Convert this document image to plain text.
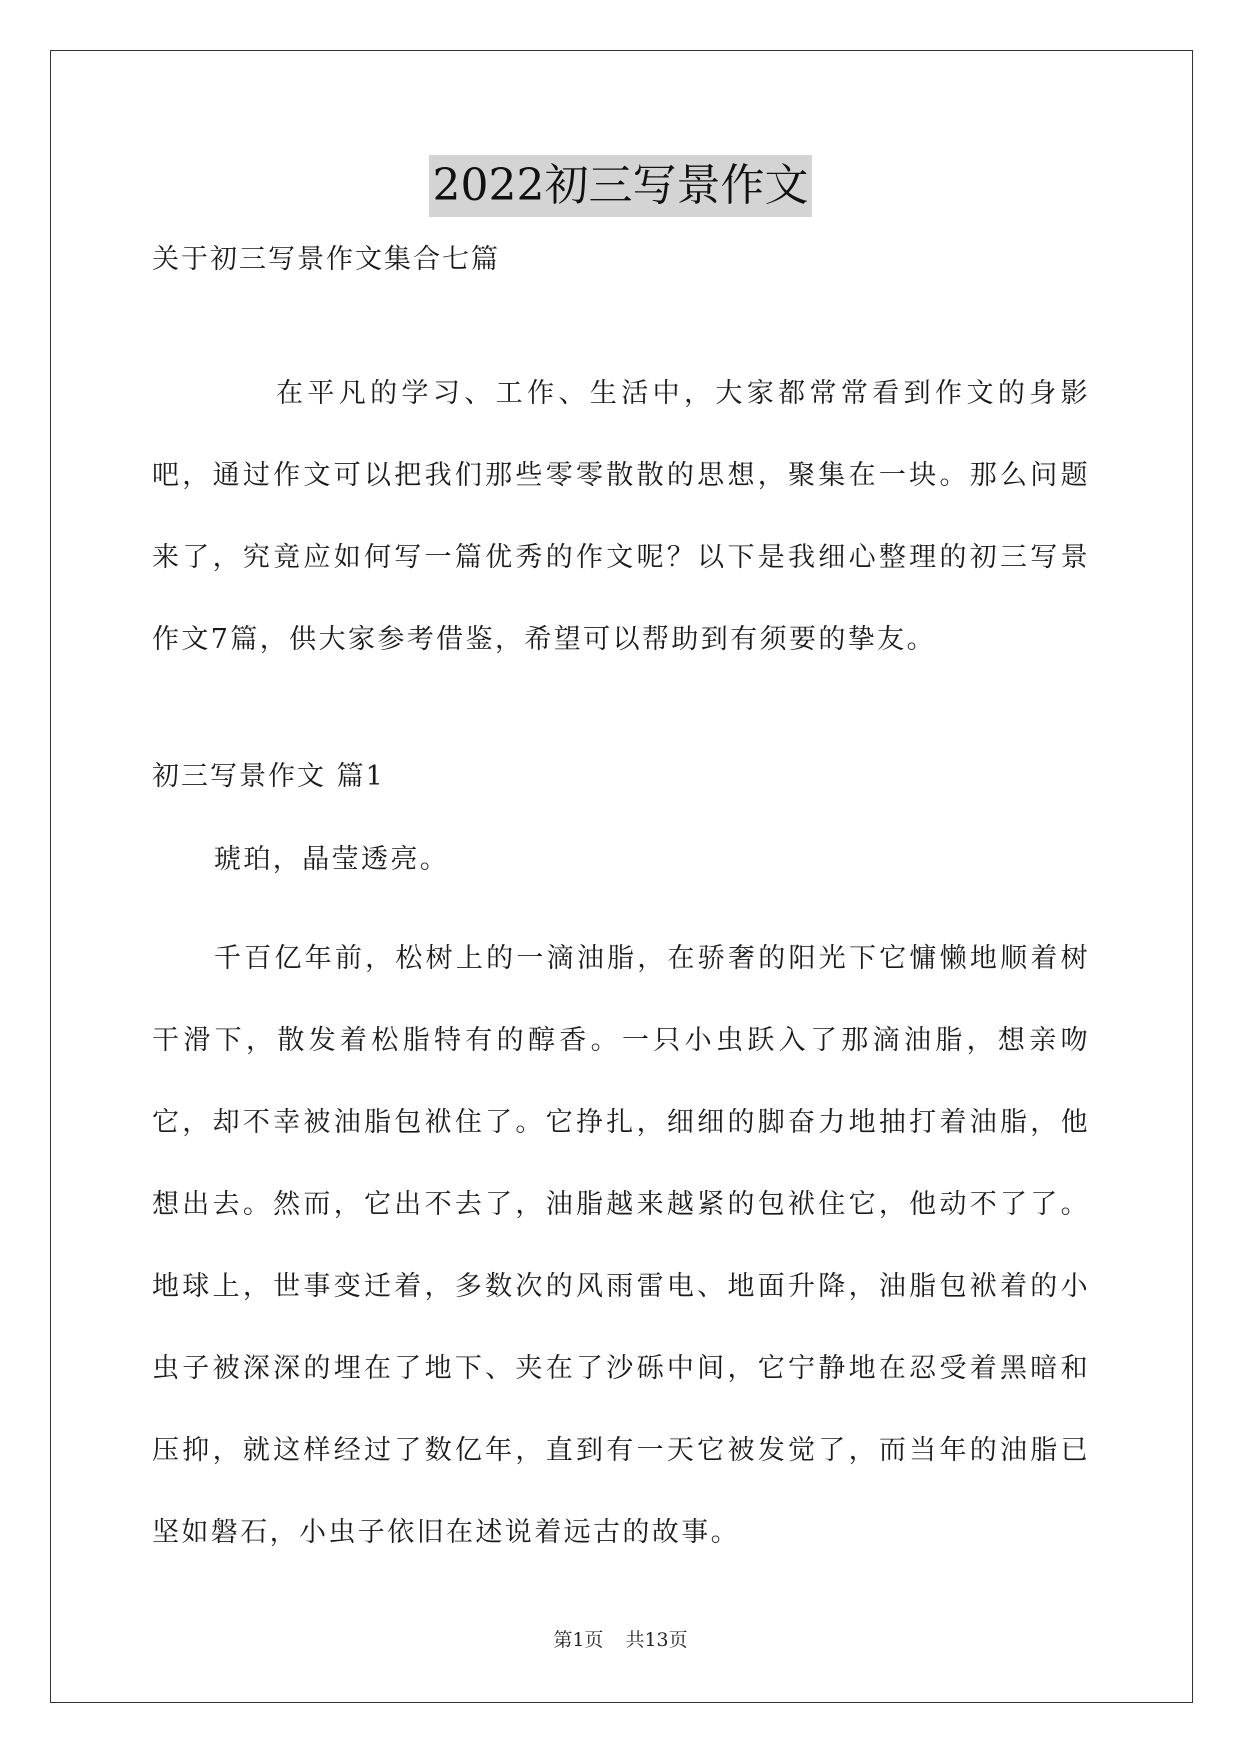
2022初三写景作文
关于初三写景作文集合七篇
在平凡的学习、工作、生活中，大家都常常看到作文的身影吧，通过作文可以把我们那些零零散散的思想，聚集在一块。那么问题来了，究竟应如何写一篇优秀的作文呢？以下是我细心整理的初三写景作文7篇，供大家参考借鉴，希望可以帮助到有须要的挚友。
初三写景作文 篇1
琥珀，晶莹透亮。
千百亿年前，松树上的一滴油脂，在骄奢的阳光下它慵懒地顺着树干滑下，散发着松脂特有的醇香。一只小虫跃入了那滴油脂，想亲吻它，却不幸被油脂包袱住了。它挣扎，细细的脚奋力地抽打着油脂，他想出去。然而，它出不去了，油脂越来越紧的包袱住它，他动不了了。地球上，世事变迁着，多数次的风雨雷电、地面升降，油脂包袱着的小虫子被深深的埋在了地下、夹在了沙砾中间，它宁静地在忍受着黑暗和压抑，就这样经过了数亿年，直到有一天它被发觉了，而当年的油脂已坚如磐石，小虫子依旧在述说着远古的故事。
第1页 共13页
